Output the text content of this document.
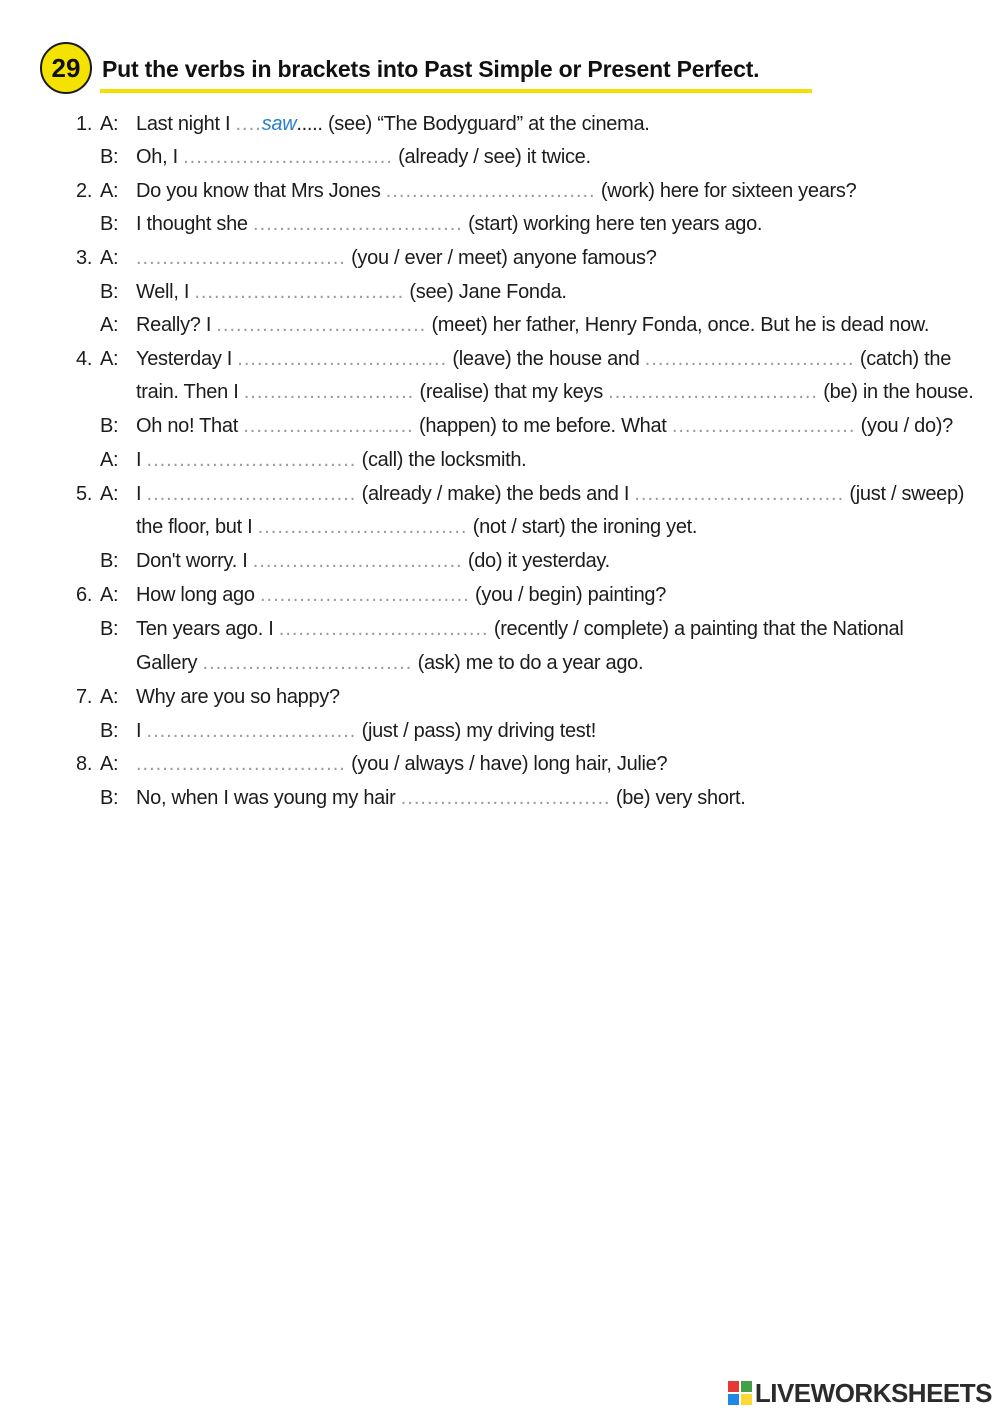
29 Put the verbs in brackets into Past Simple or Present Perfect.
1. A: Last night I ....saw..... (see) “The Bodyguard” at the cinema.
B: Oh, I ................................ (already / see) it twice.
2. A: Do you know that Mrs Jones ................................ (work) here for sixteen years?
B: I thought she ................................ (start) working here ten years ago.
3. A: ................................ (you / ever / meet) anyone famous?
B: Well, I ................................ (see) Jane Fonda.
A: Really? I ................................ (meet) her father, Henry Fonda, once. But he is dead now.
4. A: Yesterday I ................................ (leave) the house and ................................ (catch) the
train. Then I .......................... (realise) that my keys ................................ (be) in the house.
B: Oh no! That .......................... (happen) to me before. What ............................ (you / do)?
A: I ................................ (call) the locksmith.
5. A: I ................................ (already / make) the beds and I ................................ (just / sweep)
the floor, but I ................................ (not / start) the ironing yet.
B: Don't worry. I ................................ (do) it yesterday.
6. A: How long ago ................................ (you / begin) painting?
B: Ten years ago. I ................................ (recently / complete) a painting that the National
Gallery ................................ (ask) me to do a year ago.
7. A: Why are you so happy?
B: I ................................ (just / pass) my driving test!
8. A: ................................ (you / always / have) long hair, Julie?
B: No, when I was young my hair ................................ (be) very short.
LIVEWORKSHEETS
